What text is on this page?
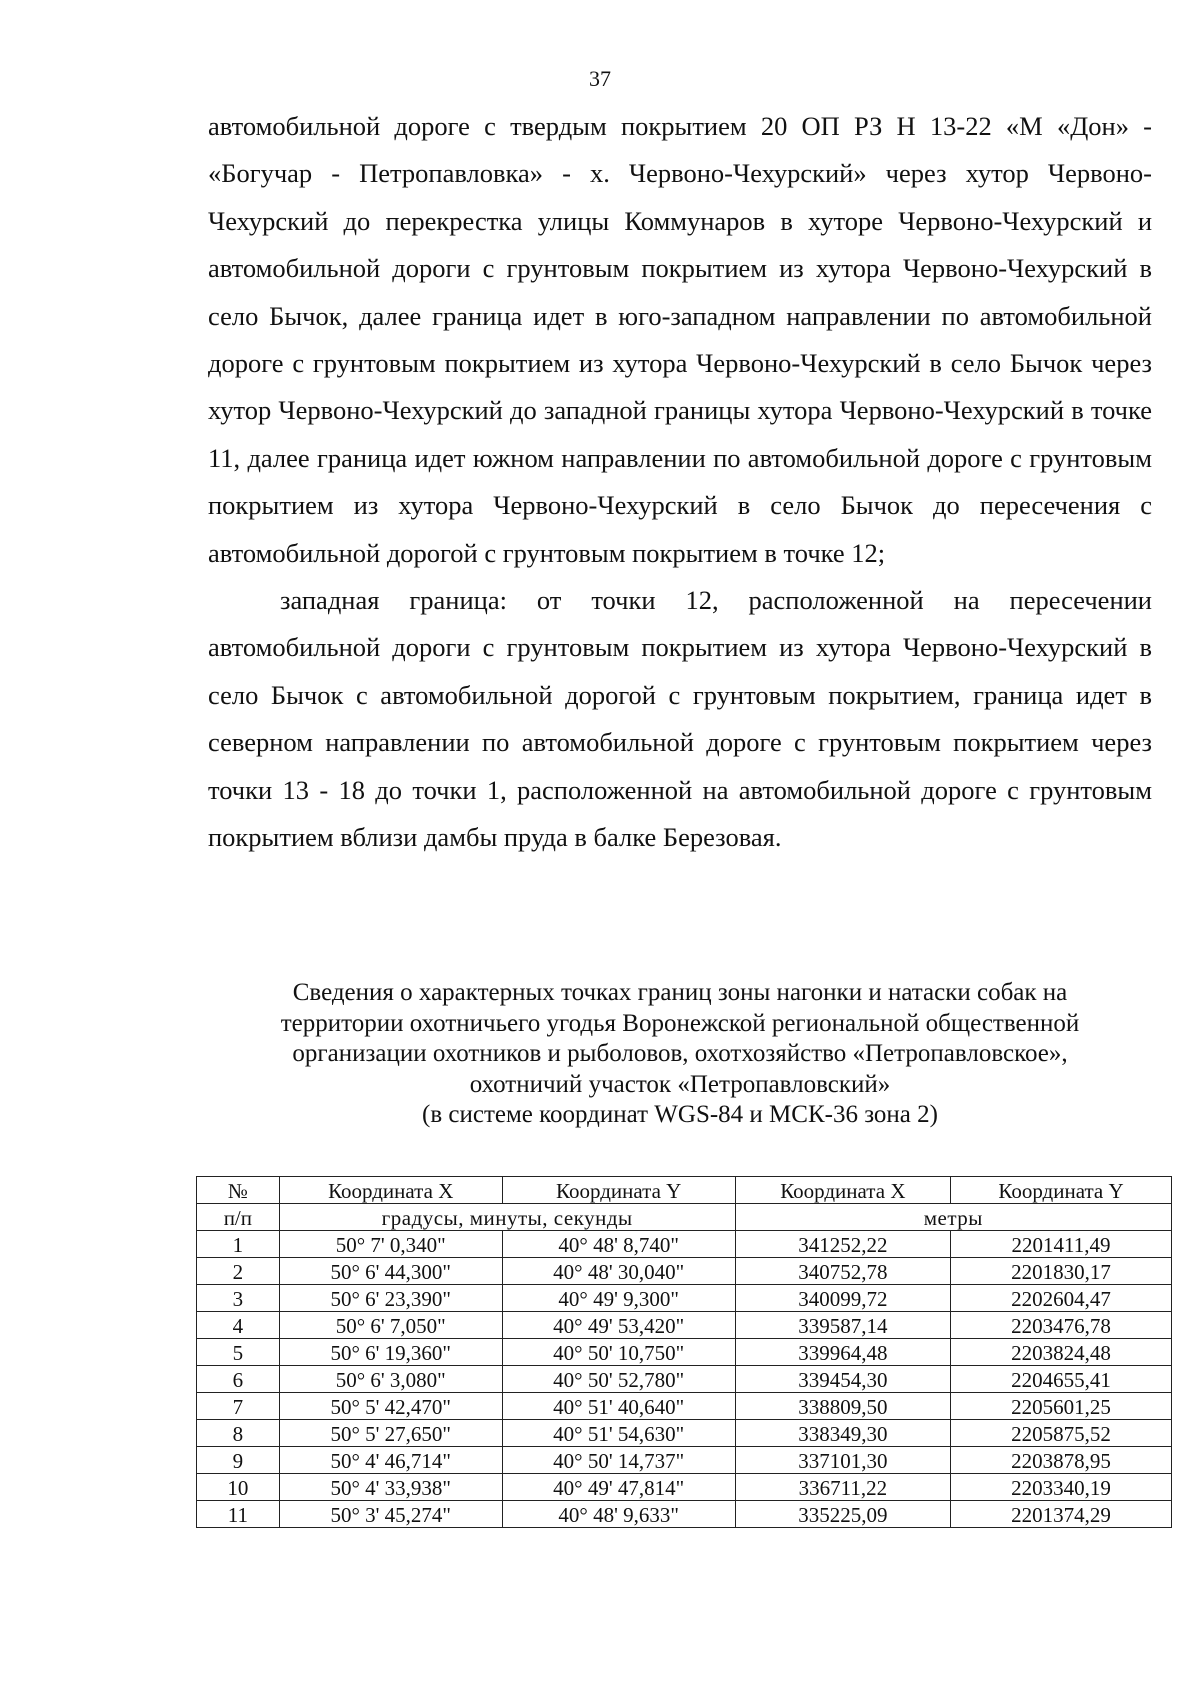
37

автомобильной дороге с твердым покрытием 20 ОП РЗ Н 13-22 «М «Дон» - «Богучар - Петропавловка» - х. Червоно-Чехурский» через хутор Червоно-Чехурский до перекрестка улицы Коммунаров в хуторе Червоно-Чехурский и автомобильной дороги с грунтовым покрытием из хутора Червоно-Чехурский в село Бычок, далее граница идет в юго-западном направлении по автомобильной дороге с грунтовым покрытием из хутора Червоно-Чехурский в село Бычок через хутор Червоно-Чехурский до западной границы хутора Червоно-Чехурский в точке 11, далее граница идет южном направлении по автомобильной дороге с грунтовым покрытием из хутора Червоно-Чехурский в село Бычок до пересечения с автомобильной дорогой с грунтовым покрытием в точке 12;

западная граница: от точки 12, расположенной на пересечении автомобильной дороги с грунтовым покрытием из хутора Червоно-Чехурский в село Бычок с автомобильной дорогой с грунтовым покрытием, граница идет в северном направлении по автомобильной дороге с грунтовым покрытием через точки 13 - 18 до точки 1, расположенной на автомобильной дороге с грунтовым покрытием вблизи дамбы пруда в балке Березовая.

Сведения о характерных точках границ зоны нагонки и натаски собак на
территории охотничьего угодья Воронежской региональной общественной
организации охотников и рыболовов, охотхозяйство «Петропавловское»,
охотничий участок «Петропавловский»
(в системе координат WGS-84 и МСК-36 зона 2)
№	Координата X	Координата Y	Координата X	Координата Y
п/п	градусы, минуты, секунды		метры	
1	50° 7' 0,340"	40° 48' 8,740"	341252,22	2201411,49
2	50° 6' 44,300"	40° 48' 30,040"	340752,78	2201830,17
3	50° 6' 23,390"	40° 49' 9,300"	340099,72	2202604,47
4	50° 6' 7,050"	40° 49' 53,420"	339587,14	2203476,78
5	50° 6' 19,360"	40° 50' 10,750"	339964,48	2203824,48
6	50° 6' 3,080"	40° 50' 52,780"	339454,30	2204655,41
7	50° 5' 42,470"	40° 51' 40,640"	338809,50	2205601,25
8	50° 5' 27,650"	40° 51' 54,630"	338349,30	2205875,52
9	50° 4' 46,714"	40° 50' 14,737"	337101,30	2203878,95
10	50° 4' 33,938"	40° 49' 47,814"	336711,22	2203340,19
11	50° 3' 45,274"	40° 48' 9,633"	335225,09	2201374,29
